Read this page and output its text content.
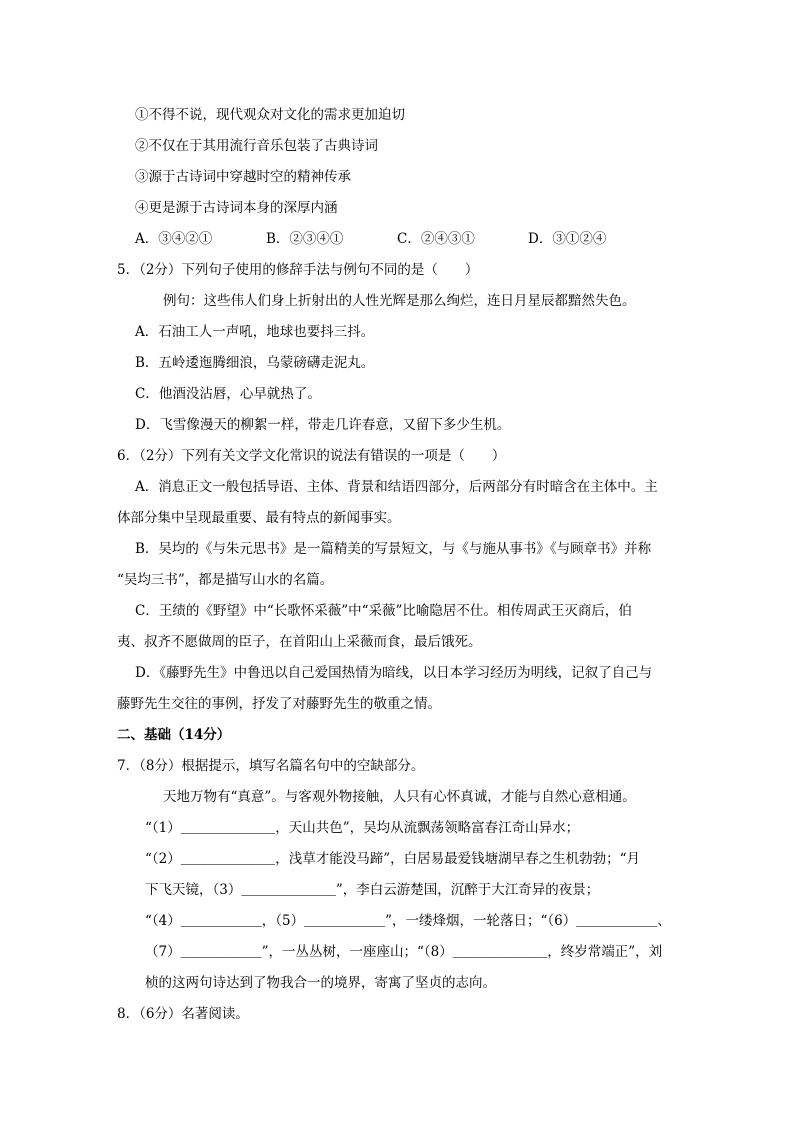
①不得不说，现代观众对文化的需求更加迫切
②不仅在于其用流行音乐包装了古典诗词
③源于古诗词中穿越时空的精神传承
④更是源于古诗词本身的深厚内涵
A．③④②①	B．②③④①	C．②④③①	D．③①②④
5．（2分）下列句子使用的修辞手法与例句不同的是（　　）
例句：这些伟人们身上折射出的人性光辉是那么绚烂，连日月星辰都黯然失色。
A．石油工人一声吼，地球也要抖三抖。
B．五岭逶迤腾细浪，乌蒙磅礴走泥丸。
C．他酒没沾唇，心早就热了。
D．飞雪像漫天的柳絮一样，带走几许春意，又留下多少生机。
6．（2分）下列有关文学文化常识的说法有错误的一项是（　　）
A．消息正文一般包括导语、主体、背景和结语四部分，后两部分有时暗含在主体中。主
体部分集中呈现最重要、最有特点的新闻事实。
B．吴均的《与朱元思书》是一篇精美的写景短文，与《与施从事书》《与顾章书》并称
“吴均三书”，都是描写山水的名篇。
C．王绩的《野望》中“长歌怀采薇”中“采薇”比喻隐居不仕。相传周武王灭商后，伯
夷、叔齐不愿做周的臣子，在首阳山上采薇而食，最后饿死。
D．《藤野先生》中鲁迅以自己爱国热情为暗线，以日本学习经历为明线，记叙了自己与
藤野先生交往的事例，抒发了对藤野先生的敬重之情。
二、基础（14分）
7．（8分）根据提示，填写名篇名句中的空缺部分。
天地万物有“真意”。与客观外物接触，人只有心怀真诚，才能与自然心意相通。
“（1）＿＿＿＿＿＿＿，天山共色”，吴均从流飘荡领略富春江奇山异水；
“（2）＿＿＿＿＿＿＿，浅草才能没马蹄”，白居易最爱钱塘湖早春之生机勃勃；“月
下飞天镜，（3）＿＿＿＿＿＿＿”，李白云游楚国，沉醉于大江奇异的夜景；
“（4）＿＿＿＿＿＿，（5）＿＿＿＿＿＿”，一缕烽烟，一轮落日；“（6）＿＿＿＿＿＿、
（7）＿＿＿＿＿＿”，一丛丛树，一座座山；“（8）＿＿＿＿＿＿＿，终岁常端正”，刘
桢的这两句诗达到了物我合一的境界，寄寓了坚贞的志向。
8．（6分）名著阅读。
